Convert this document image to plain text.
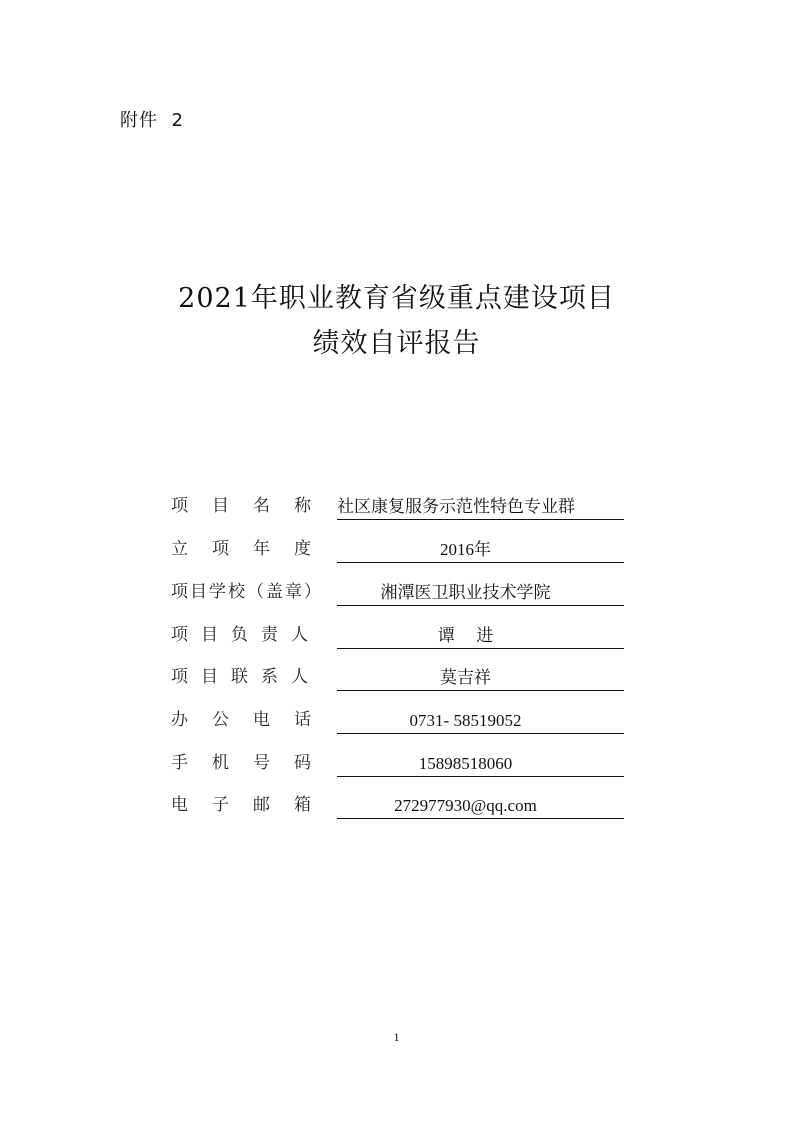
附件  2
2021年职业教育省级重点建设项目
绩效自评报告
项目名称 社区康复服务示范性特色专业群
立项年度	2016年
项目学校（盖章）	湘潭医卫职业技术学院
项目负责人	谭    进
项目联系人	莫吉祥
办公电话	0731- 58519052
手机号码	15898518060
电子邮箱	272977930@qq.com
1
